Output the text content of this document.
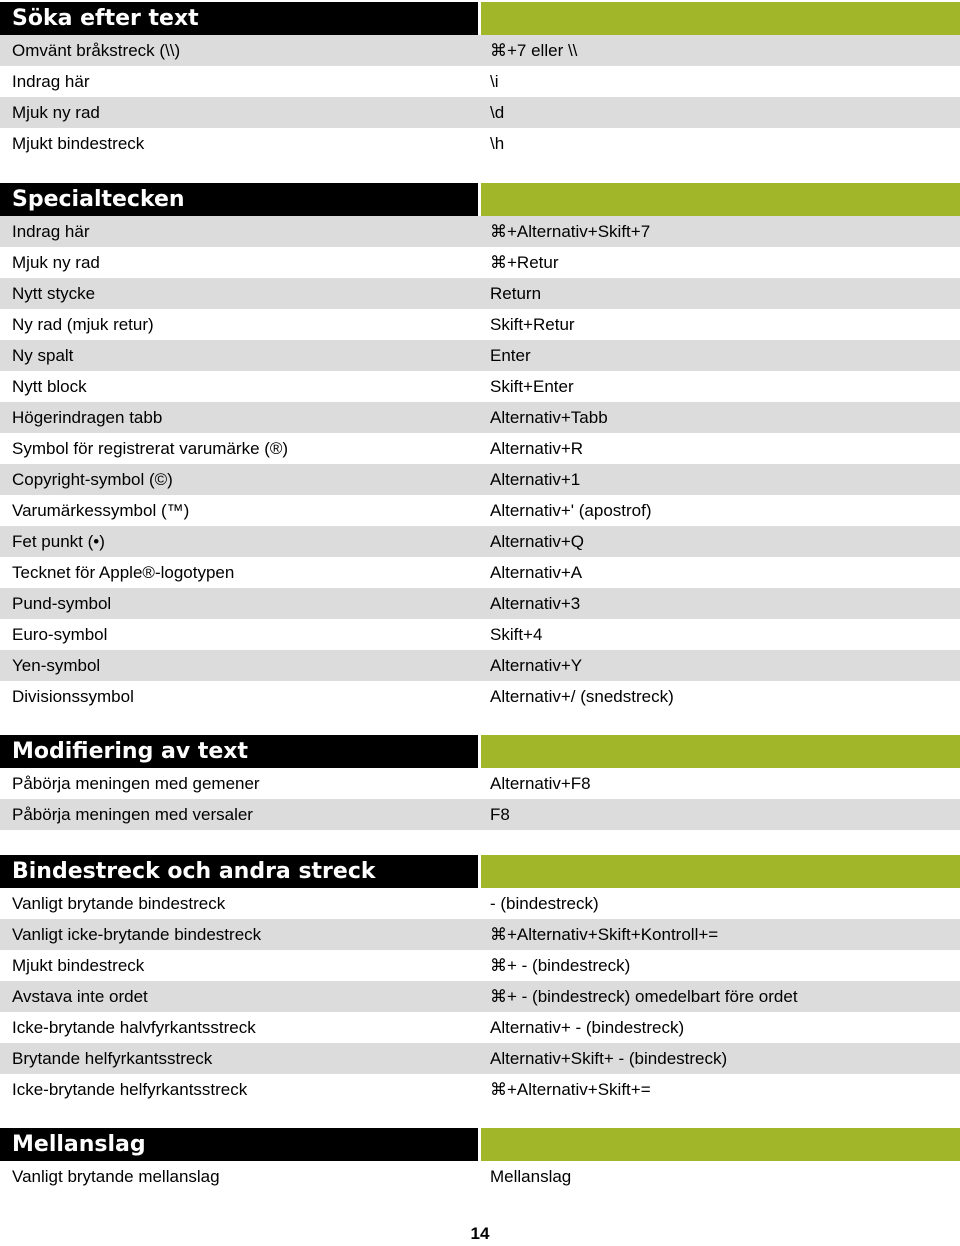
Söka efter text
Omvänt bråkstreck (\\)	⌘+7 eller \\
Indrag här	\i
Mjuk ny rad	\d
Mjukt bindestreck	\h
Specialtecken
Indrag här	⌘+Alternativ+Skift+7
Mjuk ny rad	⌘+Retur
Nytt stycke	Return
Ny rad (mjuk retur)	Skift+Retur
Ny spalt	Enter
Nytt block	Skift+Enter
Högerindragen tabb	Alternativ+Tabb
Symbol för registrerat varumärke (®)	Alternativ+R
Copyright-symbol (©)	Alternativ+1
Varumärkessymbol (™)	Alternativ+' (apostrof)
Fet punkt (•)	Alternativ+Q
Tecknet för Apple®-logotypen	Alternativ+A
Pund-symbol	Alternativ+3
Euro-symbol	Skift+4
Yen-symbol	Alternativ+Y
Divisionssymbol	Alternativ+/ (snedstreck)
Modifiering av text
Påbörja meningen med gemener	Alternativ+F8
Påbörja meningen med versaler	F8
Bindestreck och andra streck
Vanligt brytande bindestreck	- (bindestreck)
Vanligt icke-brytande bindestreck	⌘+Alternativ+Skift+Kontroll+=
Mjukt bindestreck	⌘+ - (bindestreck)
Avstava inte ordet	⌘+ - (bindestreck) omedelbart före ordet
Icke-brytande halvfyrkantsstreck	Alternativ+ - (bindestreck)
Brytande helfyrkantsstreck	Alternativ+Skift+ - (bindestreck)
Icke-brytande helfyrkantsstreck	⌘+Alternativ+Skift+=
Mellanslag
Vanligt brytande mellanslag	Mellanslag
14
